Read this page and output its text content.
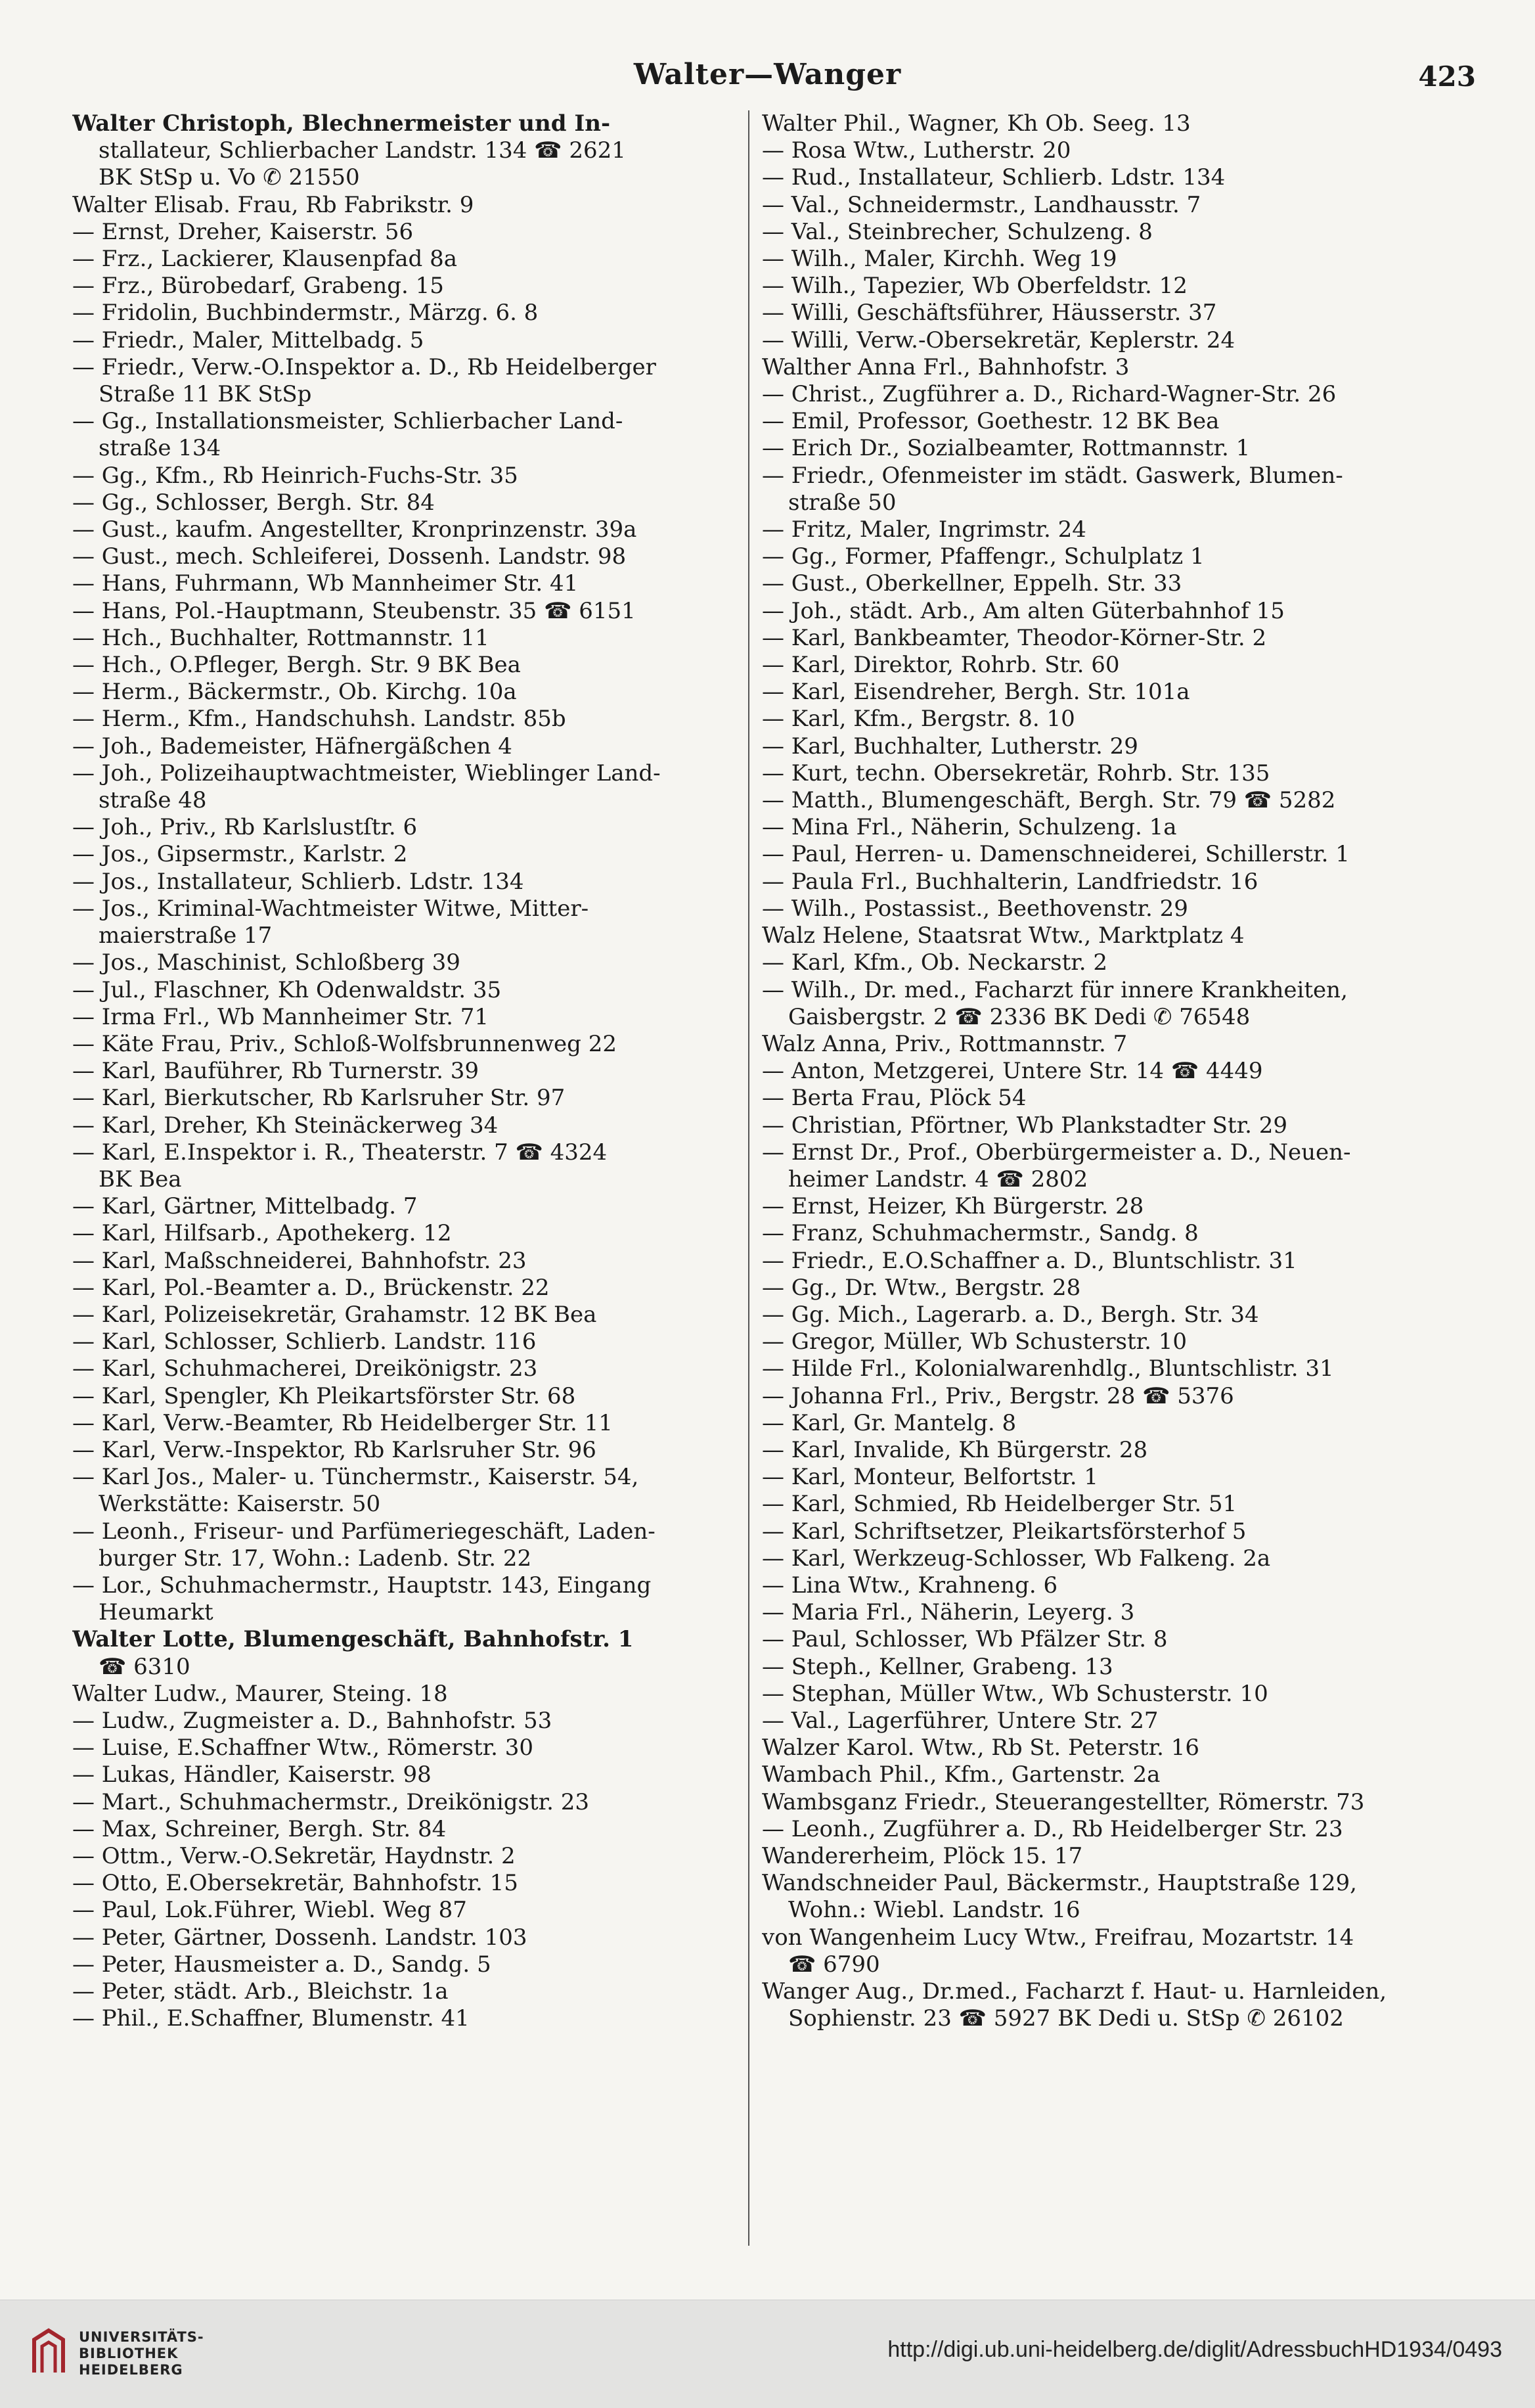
Walter—Wanger	423
Walter Christoph, Blechnermeister und In-
stallateur, Schlierbacher Landstr. 134 ☎ 2621
BK StSp u. Vo ✆ 21550
Walter Elisab. Frau, Rb Fabrikstr. 9
— Ernst, Dreher, Kaiserstr. 56
— Frz., Lackierer, Klausenpfad 8a
— Frz., Bürobedarf, Grabeng. 15
— Fridolin, Buchbindermstr., Märzg. 6. 8
— Friedr., Maler, Mittelbadg. 5
— Friedr., Verw.-O.Inspektor a. D., Rb Heidelberger
Straße 11 BK StSp
— Gg., Installationsmeister, Schlierbacher Land-
straße 134
— Gg., Kfm., Rb Heinrich-Fuchs-Str. 35
— Gg., Schlosser, Bergh. Str. 84
— Gust., kaufm. Angestellter, Kronprinzenstr. 39a
— Gust., mech. Schleiferei, Dossenh. Landstr. 98
— Hans, Fuhrmann, Wb Mannheimer Str. 41
— Hans, Pol.-Hauptmann, Steubenstr. 35 ☎ 6151
— Hch., Buchhalter, Rottmannstr. 11
— Hch., O.Pfleger, Bergh. Str. 9 BK Bea
— Herm., Bäckermstr., Ob. Kirchg. 10a
— Herm., Kfm., Handschuhsh. Landstr. 85b
— Joh., Bademeister, Häfnergäßchen 4
— Joh., Polizeihauptwachtmeister, Wieblinger Land-
straße 48
— Joh., Priv., Rb Karlslustſtr. 6
— Jos., Gipsermstr., Karlstr. 2
— Jos., Installateur, Schlierb. Ldstr. 134
— Jos., Kriminal-Wachtmeister Witwe, Mitter-
maierstraße 17
— Jos., Maschinist, Schloßberg 39
— Jul., Flaschner, Kh Odenwaldstr. 35
— Irma Frl., Wb Mannheimer Str. 71
— Käte Frau, Priv., Schloß-Wolfsbrunnenweg 22
— Karl, Bauführer, Rb Turnerstr. 39
— Karl, Bierkutscher, Rb Karlsruher Str. 97
— Karl, Dreher, Kh Steinäckerweg 34
— Karl, E.Inspektor i. R., Theaterstr. 7 ☎ 4324
BK Bea
— Karl, Gärtner, Mittelbadg. 7
— Karl, Hilfsarb., Apothekerg. 12
— Karl, Maßschneiderei, Bahnhofstr. 23
— Karl, Pol.-Beamter a. D., Brückenstr. 22
— Karl, Polizeisekretär, Grahamstr. 12 BK Bea
— Karl, Schlosser, Schlierb. Landstr. 116
— Karl, Schuhmacherei, Dreikönigstr. 23
— Karl, Spengler, Kh Pleikartsförster Str. 68
— Karl, Verw.-Beamter, Rb Heidelberger Str. 11
— Karl, Verw.-Inspektor, Rb Karlsruher Str. 96
— Karl Jos., Maler- u. Tünchermstr., Kaiserstr. 54,
Werkstätte: Kaiserstr. 50
— Leonh., Friseur- und Parfümeriegeschäft, Laden-
burger Str. 17, Wohn.: Ladenb. Str. 22
— Lor., Schuhmachermstr., Hauptstr. 143, Eingang
Heumarkt
Walter Lotte, Blumengeschäft, Bahnhofstr. 1
☎ 6310
Walter Ludw., Maurer, Steing. 18
— Ludw., Zugmeister a. D., Bahnhofstr. 53
— Luise, E.Schaffner Wtw., Römerstr. 30
— Lukas, Händler, Kaiserstr. 98
— Mart., Schuhmachermstr., Dreikönigstr. 23
— Max, Schreiner, Bergh. Str. 84
— Ottm., Verw.-O.Sekretär, Haydnstr. 2
— Otto, E.Obersekretär, Bahnhofstr. 15
— Paul, Lok.Führer, Wiebl. Weg 87
— Peter, Gärtner, Dossenh. Landstr. 103
— Peter, Hausmeister a. D., Sandg. 5
— Peter, städt. Arb., Bleichstr. 1a
— Phil., E.Schaffner, Blumenstr. 41
Walter Phil., Wagner, Kh Ob. Seeg. 13
— Rosa Wtw., Lutherstr. 20
— Rud., Installateur, Schlierb. Ldstr. 134
— Val., Schneidermstr., Landhausstr. 7
— Val., Steinbrecher, Schulzeng. 8
— Wilh., Maler, Kirchh. Weg 19
— Wilh., Tapezier, Wb Oberfeldstr. 12
— Willi, Geschäftsführer, Häusserstr. 37
— Willi, Verw.-Obersekretär, Keplerstr. 24
Walther Anna Frl., Bahnhofstr. 3
— Christ., Zugführer a. D., Richard-Wagner-Str. 26
— Emil, Professor, Goethestr. 12 BK Bea
— Erich Dr., Sozialbeamter, Rottmannstr. 1
— Friedr., Ofenmeister im städt. Gaswerk, Blumen-
straße 50
— Fritz, Maler, Ingrimstr. 24
— Gg., Former, Pfaffengr., Schulplatz 1
— Gust., Oberkellner, Eppelh. Str. 33
— Joh., städt. Arb., Am alten Güterbahnhof 15
— Karl, Bankbeamter, Theodor-Körner-Str. 2
— Karl, Direktor, Rohrb. Str. 60
— Karl, Eisendreher, Bergh. Str. 101a
— Karl, Kfm., Bergstr. 8. 10
— Karl, Buchhalter, Lutherstr. 29
— Kurt, techn. Obersekretär, Rohrb. Str. 135
— Matth., Blumengeschäft, Bergh. Str. 79 ☎ 5282
— Mina Frl., Näherin, Schulzeng. 1a
— Paul, Herren- u. Damenschneiderei, Schillerstr. 1
— Paula Frl., Buchhalterin, Landfriedstr. 16
— Wilh., Postassist., Beethovenstr. 29
Walz Helene, Staatsrat Wtw., Marktplatz 4
— Karl, Kfm., Ob. Neckarstr. 2
— Wilh., Dr. med., Facharzt für innere Krankheiten,
Gaisbergstr. 2 ☎ 2336 BK Dedi ✆ 76548
Walz Anna, Priv., Rottmannstr. 7
— Anton, Metzgerei, Untere Str. 14 ☎ 4449
— Berta Frau, Plöck 54
— Christian, Pförtner, Wb Plankstadter Str. 29
— Ernst Dr., Prof., Oberbürgermeister a. D., Neuen-
heimer Landstr. 4 ☎ 2802
— Ernst, Heizer, Kh Bürgerstr. 28
— Franz, Schuhmachermstr., Sandg. 8
— Friedr., E.O.Schaffner a. D., Bluntschlistr. 31
— Gg., Dr. Wtw., Bergstr. 28
— Gg. Mich., Lagerarb. a. D., Bergh. Str. 34
— Gregor, Müller, Wb Schusterstr. 10
— Hilde Frl., Kolonialwarenhdlg., Bluntschlistr. 31
— Johanna Frl., Priv., Bergstr. 28 ☎ 5376
— Karl, Gr. Mantelg. 8
— Karl, Invalide, Kh Bürgerstr. 28
— Karl, Monteur, Belfortstr. 1
— Karl, Schmied, Rb Heidelberger Str. 51
— Karl, Schriftsetzer, Pleikartsförsterhof 5
— Karl, Werkzeug-Schlosser, Wb Falkeng. 2a
— Lina Wtw., Krahneng. 6
— Maria Frl., Näherin, Leyerg. 3
— Paul, Schlosser, Wb Pfälzer Str. 8
— Steph., Kellner, Grabeng. 13
— Stephan, Müller Wtw., Wb Schusterstr. 10
— Val., Lagerführer, Untere Str. 27
Walzer Karol. Wtw., Rb St. Peterstr. 16
Wambach Phil., Kfm., Gartenstr. 2a
Wambsganz Friedr., Steuerangestellter, Römerstr. 73
— Leonh., Zugführer a. D., Rb Heidelberger Str. 23
Wandererheim, Plöck 15. 17
Wandschneider Paul, Bäckermstr., Hauptstraße 129,
Wohn.: Wiebl. Landstr. 16
von Wangenheim Lucy Wtw., Freifrau, Mozartstr. 14
☎ 6790
Wanger Aug., Dr.med., Facharzt f. Haut- u. Harnleiden,
Sophienstr. 23 ☎ 5927 BK Dedi u. StSp ✆ 26102
UNIVERSITÄTS-
BIBLIOTHEK
HEIDELBERG
http://digi.ub.uni-heidelberg.de/diglit/AdressbuchHD1934/0493
